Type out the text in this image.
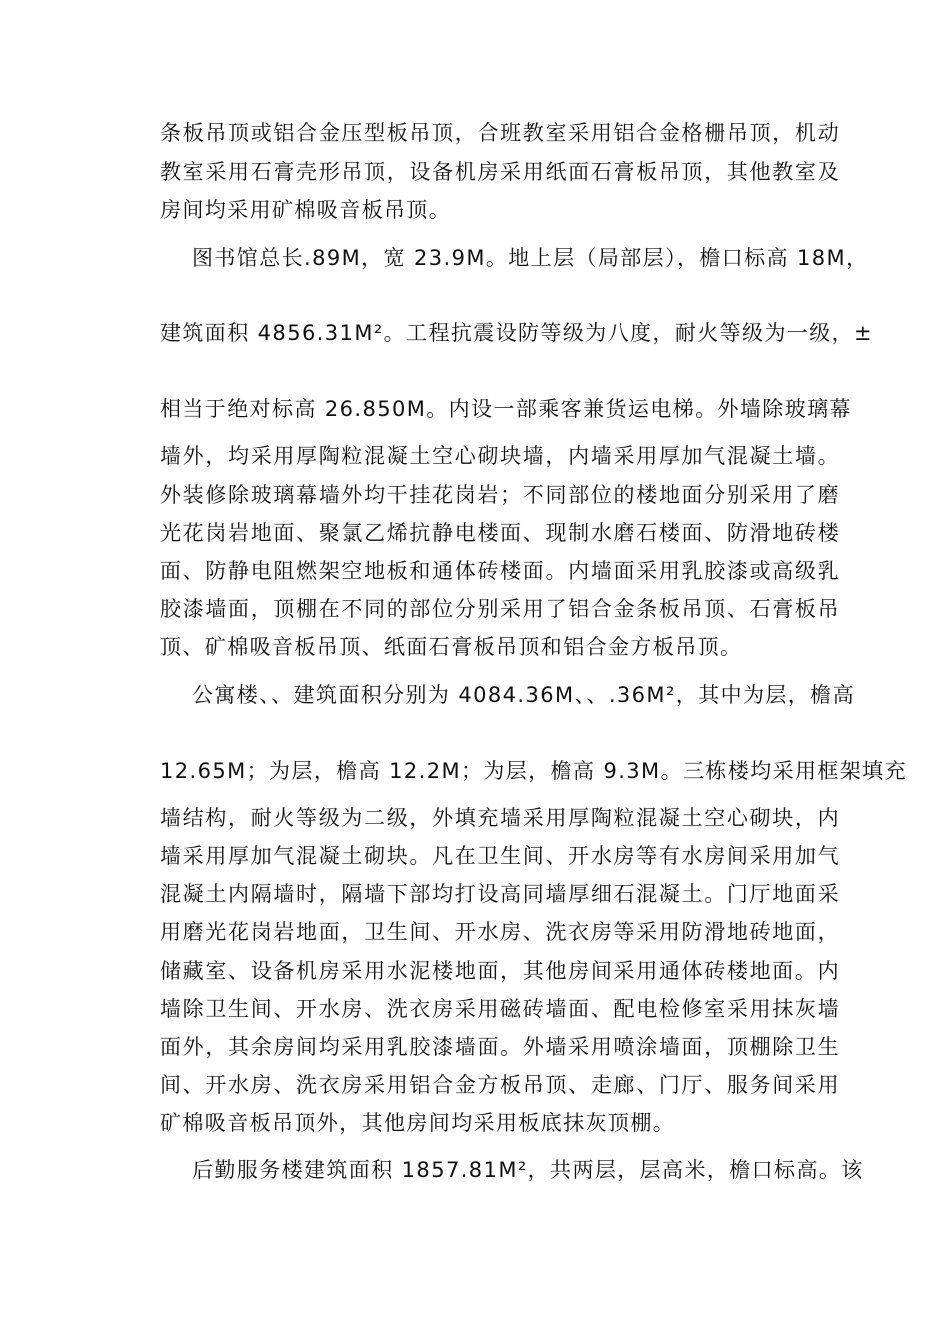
条板吊顶或铝合金压型板吊顶，合班教室采用铝合金格栅吊顶，机动
教室采用石膏壳形吊顶，设备机房采用纸面石膏板吊顶，其他教室及
房间均采用矿棉吸音板吊顶。
图书馆总长.89M，宽 23.9M。地上层（局部层），檐口标高 18M，
建筑面积 4856.31M²。工程抗震设防等级为八度，耐火等级为一级，±
相当于绝对标高 26.850M。内设一部乘客兼货运电梯。外墙除玻璃幕
墙外，均采用厚陶粒混凝土空心砌块墙，内墙采用厚加气混凝土墙。
外装修除玻璃幕墙外均干挂花岗岩；不同部位的楼地面分别采用了磨
光花岗岩地面、聚氯乙烯抗静电楼面、现制水磨石楼面、防滑地砖楼
面、防静电阻燃架空地板和通体砖楼面。内墙面采用乳胶漆或高级乳
胶漆墙面，顶棚在不同的部位分别采用了铝合金条板吊顶、石膏板吊
顶、矿棉吸音板吊顶、纸面石膏板吊顶和铝合金方板吊顶。
公寓楼、、建筑面积分别为 4084.36M、、.36M²，其中为层，檐高
12.65M；为层，檐高 12.2M；为层，檐高 9.3M。三栋楼均采用框架填充
墙结构，耐火等级为二级，外填充墙采用厚陶粒混凝土空心砌块，内
墙采用厚加气混凝土砌块。凡在卫生间、开水房等有水房间采用加气
混凝土内隔墙时，隔墙下部均打设高同墙厚细石混凝土。门厅地面采
用磨光花岗岩地面，卫生间、开水房、洗衣房等采用防滑地砖地面，
储藏室、设备机房采用水泥楼地面，其他房间采用通体砖楼地面。内
墙除卫生间、开水房、洗衣房采用磁砖墙面、配电检修室采用抹灰墙
面外，其余房间均采用乳胶漆墙面。外墙采用喷涂墙面，顶棚除卫生
间、开水房、洗衣房采用铝合金方板吊顶、走廊、门厅、服务间采用
矿棉吸音板吊顶外，其他房间均采用板底抹灰顶棚。
后勤服务楼建筑面积 1857.81M²，共两层，层高米，檐口标高。该
